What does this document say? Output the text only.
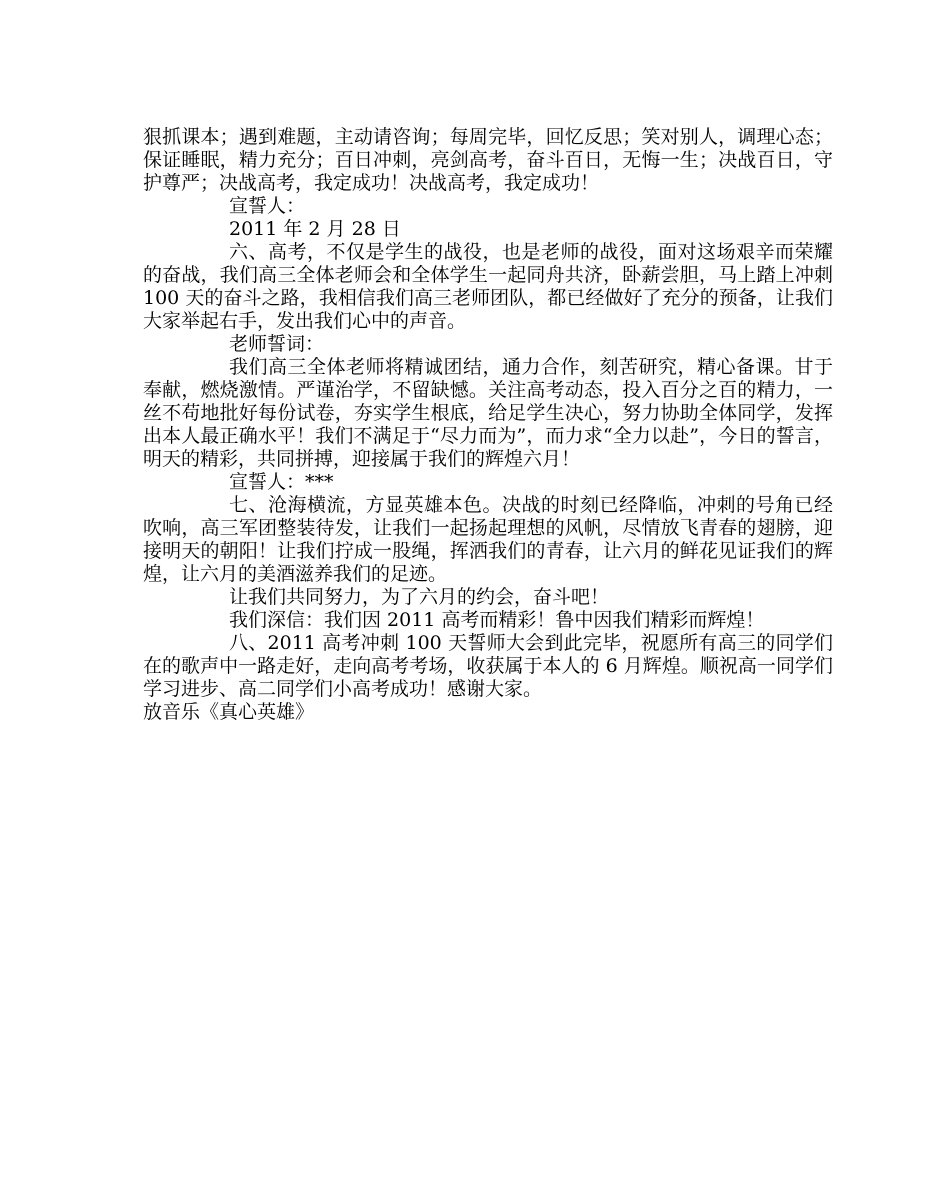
狠抓课本；遇到难题，主动请咨询；每周完毕，回忆反思；笑对别人，调理心态；保证睡眠，精力充分；百日冲刺，亮剑高考，奋斗百日，无悔一生；决战百日，守护尊严；决战高考，我定成功！决战高考，我定成功！

宣誓人：

2011 年 2 月 28 日

六、高考，不仅是学生的战役，也是老师的战役，面对这场艰辛而荣耀的奋战，我们高三全体老师会和全体学生一起同舟共济，卧薪尝胆，马上踏上冲刺 100 天的奋斗之路，我相信我们高三老师团队，都已经做好了充分的预备，让我们大家举起右手，发出我们心中的声音。

老师誓词：

我们高三全体老师将精诚团结，通力合作，刻苦研究，精心备课。甘于奉献，燃烧激情。严谨治学，不留缺憾。关注高考动态，投入百分之百的精力，一丝不苟地批好每份试卷，夯实学生根底，给足学生决心，努力协助全体同学，发挥出本人最正确水平！我们不满足于“尽力而为”，而力求“全力以赴”，今日的誓言，明天的精彩，共同拼搏，迎接属于我们的辉煌六月！

宣誓人：***

七、沧海横流，方显英雄本色。决战的时刻已经降临，冲刺的号角已经吹响，高三军团整装待发，让我们一起扬起理想的风帆，尽情放飞青春的翅膀，迎接明天的朝阳！让我们拧成一股绳，挥洒我们的青春，让六月的鲜花见证我们的辉煌，让六月的美酒滋养我们的足迹。

让我们共同努力，为了六月的约会，奋斗吧！

我们深信：我们因 2011 高考而精彩！鲁中因我们精彩而辉煌！

八、2011 高考冲刺 100 天誓师大会到此完毕，祝愿所有高三的同学们在的歌声中一路走好，走向高考考场，收获属于本人的 6 月辉煌。顺祝高一同学们学习进步、高二同学们小高考成功！感谢大家。

放音乐《真心英雄》
